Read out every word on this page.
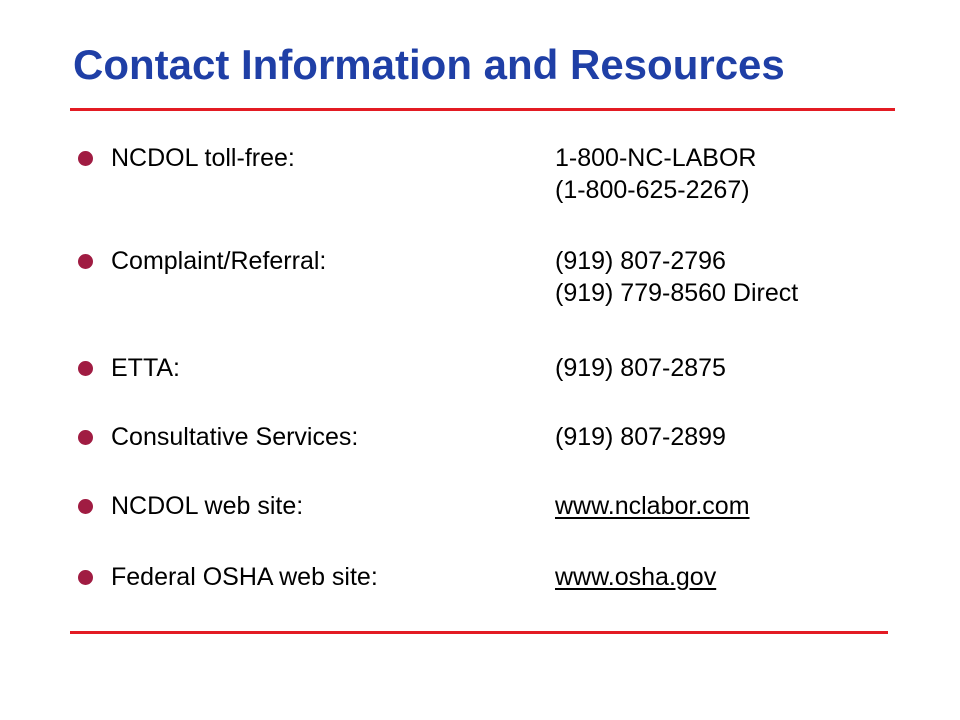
Contact Information and Resources
NCDOL toll-free:	1-800-NC-LABOR
(1-800-625-2267)
Complaint/Referral:	(919) 807-2796
(919) 779-8560 Direct
ETTA:	(919) 807-2875
Consultative Services:	(919) 807-2899
NCDOL web site:	www.nclabor.com
Federal OSHA web site:	www.osha.gov
